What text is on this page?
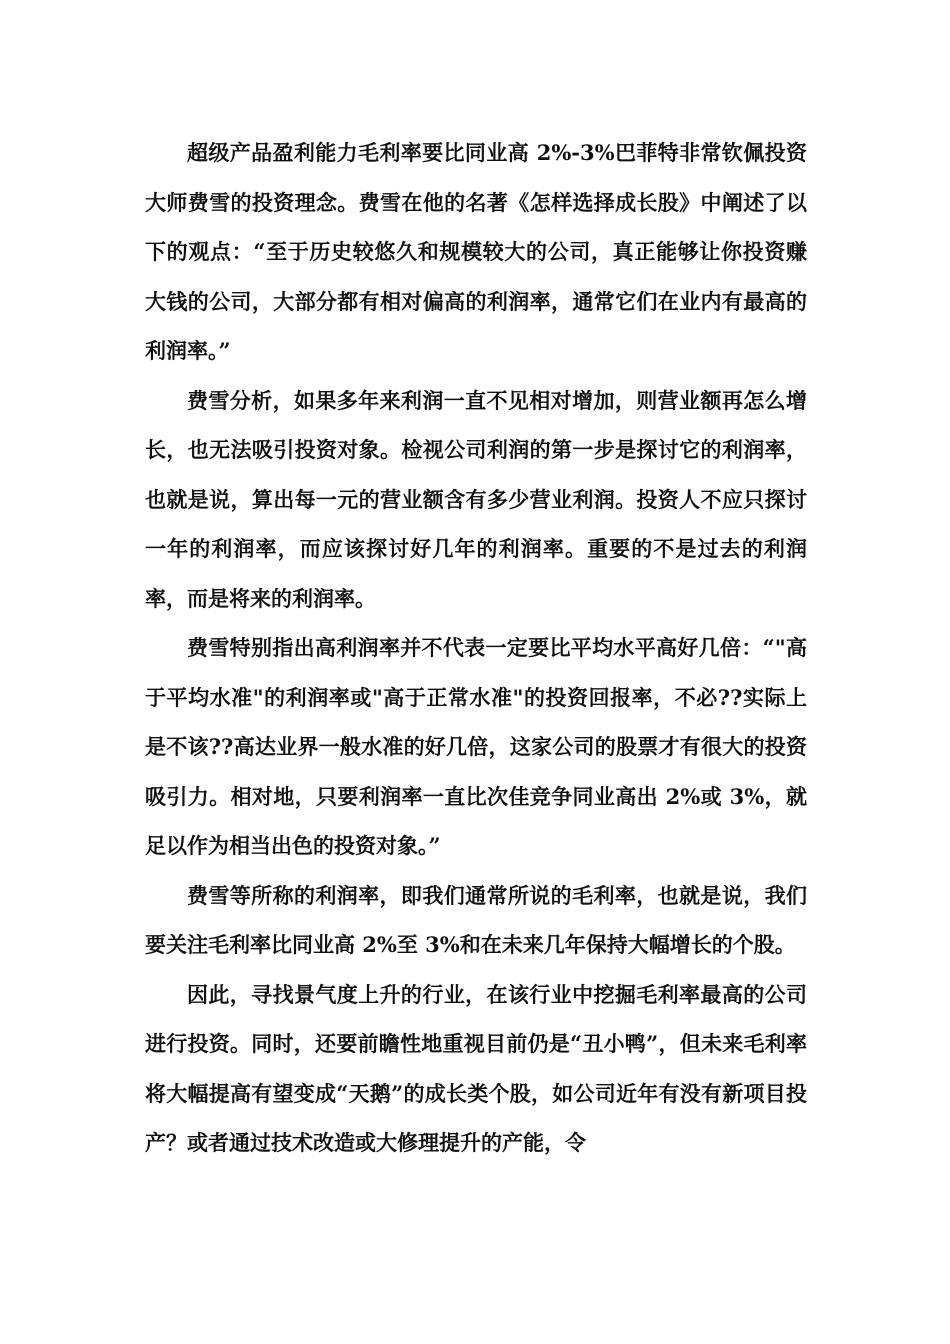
超级产品盈利能力毛利率要比同业高 2%-3%巴菲特非常钦佩投资大师费雪的投资理念。费雪在他的名著《怎样选择成长股》中阐述了以下的观点：“至于历史较悠久和规模较大的公司，真正能够让你投资赚大钱的公司，大部分都有相对偏高的利润率，通常它们在业内有最高的利润率。”

费雪分析，如果多年来利润一直不见相对增加，则营业额再怎么增长，也无法吸引投资对象。检视公司利润的第一步是探讨它的利润率，也就是说，算出每一元的营业额含有多少营业利润。投资人不应只探讨一年的利润率，而应该探讨好几年的利润率。重要的不是过去的利润率，而是将来的利润率。

费雪特别指出高利润率并不代表一定要比平均水平高好几倍：“"高于平均水准"的利润率或"高于正常水准"的投资回报率，不必??实际上是不该??高达业界一般水准的好几倍，这家公司的股票才有很大的投资吸引力。相对地，只要利润率一直比次佳竞争同业高出 2%或 3%，就足以作为相当出色的投资对象。”

费雪等所称的利润率，即我们通常所说的毛利率，也就是说，我们要关注毛利率比同业高 2%至 3%和在未来几年保持大幅增长的个股。

因此，寻找景气度上升的行业，在该行业中挖掘毛利率最高的公司进行投资。同时，还要前瞻性地重视目前仍是“丑小鸭”，但未来毛利率将大幅提高有望变成“天鹅”的成长类个股，如公司近年有没有新项目投产？或者通过技术改造或大修理提升的产能，令
